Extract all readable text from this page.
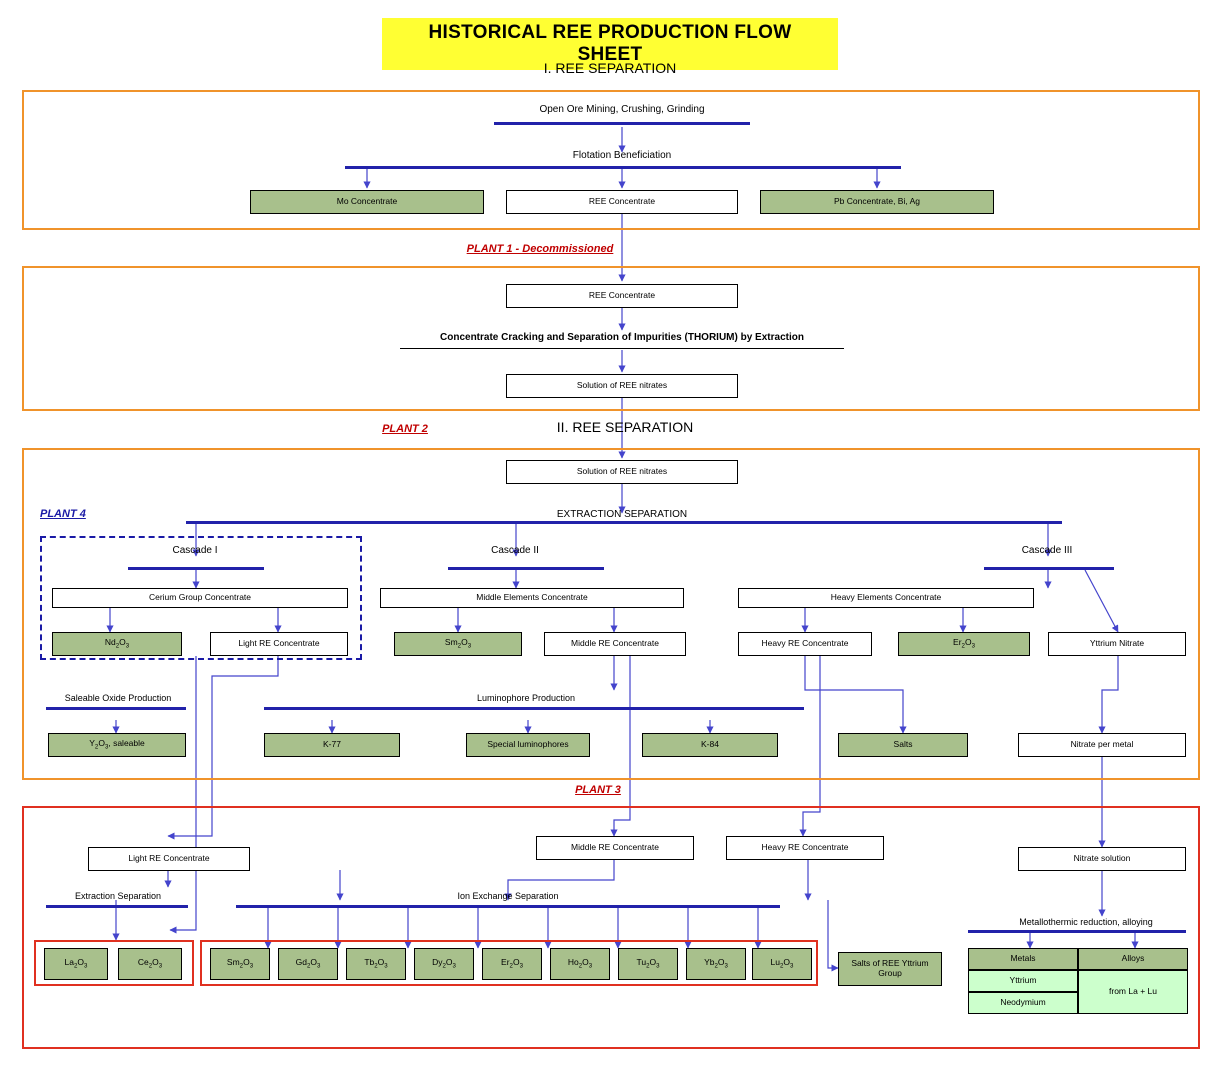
HISTORICAL REE PRODUCTION FLOW SHEET
I. REE SEPARATION
Open Ore Mining, Crushing, Grinding
Flotation Beneficiation
Mo Concentrate	REE Concentrate	Pb Concentrate, Bi, Ag
PLANT 1 - Decommissioned
REE Concentrate
Concentrate Cracking and Separation of Impurities (THORIUM) by Extraction
Solution of REE nitrates
PLANT 2	II. REE SEPARATION
Solution of REE nitrates
PLANT 4	EXTRACTION SEPARATION
Cascade I	Cascade II	Cascade III
Cerium Group Concentrate	Middle Elements Concentrate	Heavy Elements Concentrate
$Nd_2O_3$	Light RE Concentrate	$Sm_2O_3$	Middle RE Concentrate	Heavy RE Concentrate	$Er_2O_3$	Yttrium Nitrate
Saleable Oxide Production	Luminophore Production
$Y_2O_3$, saleable	K-77	Special luminophores	K-84	Salts	Nitrate per metal
PLANT 3
Middle RE Concentrate	Heavy RE Concentrate
Light RE Concentrate	Nitrate solution
Extraction Separation	Ion Exchange Separation
Metallothermic reduction, alloying
$La_2O_3$	$Ce_2O_3$	$Sm_2O_3$	$Gd_2O_3$	$Tb_2O_3$	$Dy_2O_3$	$Er_2O_3$	$Ho_2O_3$	$Tu_2O_3$	$Yb_2O_3$	$Lu_2O_3$	Salts of REE Yttrium Group
Metals	Alloys
Yttrium
Neodymium
from La + Lu
